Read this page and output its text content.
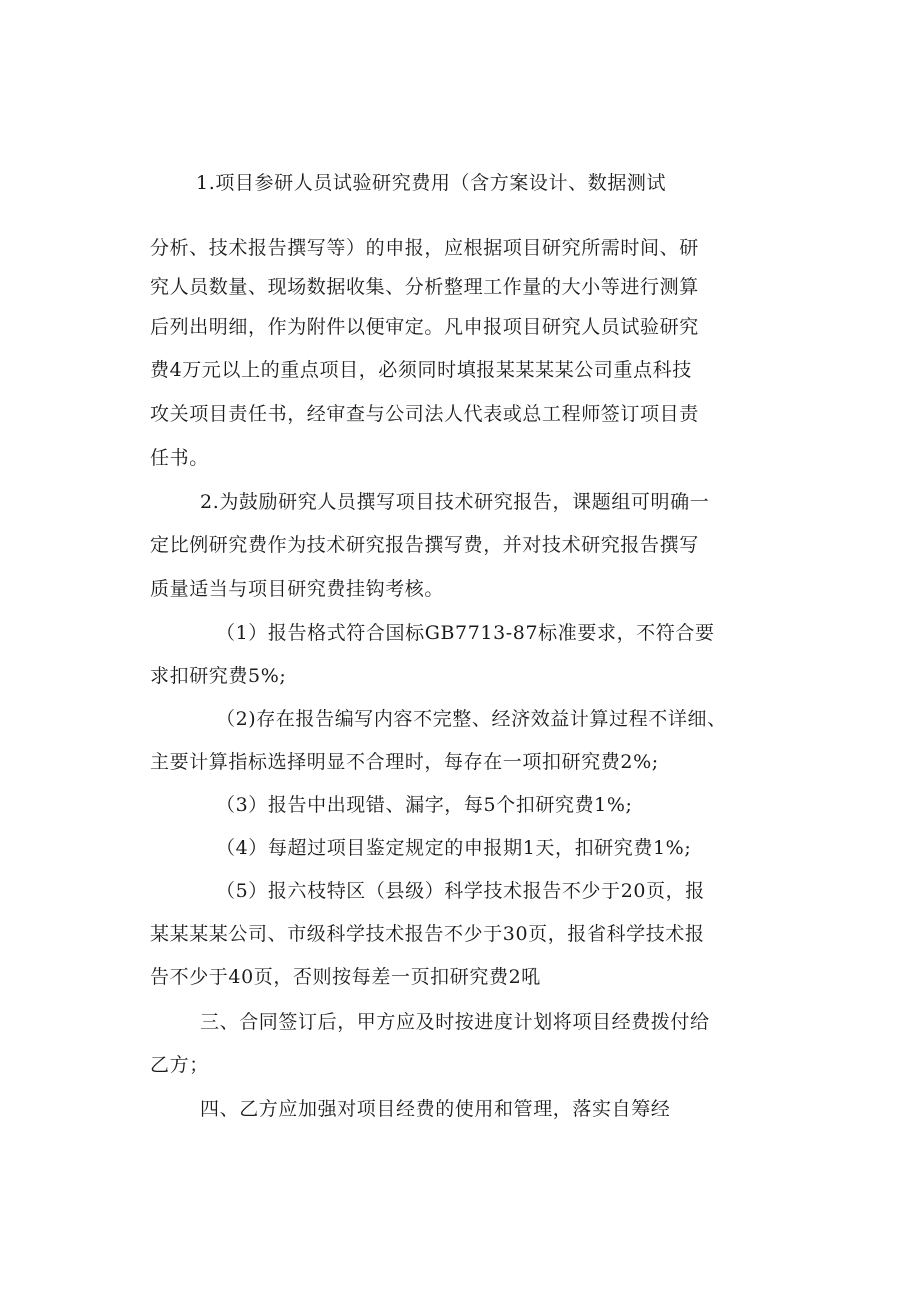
1.项目参研人员试验研究费用（含方案设计、数据测试

分析、技术报告撰写等）的申报，应根据项目研究所需时间、研

究人员数量、现场数据收集、分析整理工作量的大小等进行测算

后列出明细，作为附件以便审定。凡申报项目研究人员试验研究

费4万元以上的重点项目，必须同时填报某某某某公司重点科技

攻关项目责任书，经审查与公司法人代表或总工程师签订项目责

任书。

2.为鼓励研究人员撰写项目技术研究报告，课题组可明确一

定比例研究费作为技术研究报告撰写费，并对技术研究报告撰写

质量适当与项目研究费挂钩考核。

（1）报告格式符合国标GB7713-87标准要求，不符合要

求扣研究费5%;

（2)存在报告编写内容不完整、经济效益计算过程不详细、

主要计算指标选择明显不合理时，每存在一项扣研究费2%;

（3）报告中出现错、漏字，每5个扣研究费1%;

（4）每超过项目鉴定规定的申报期1天，扣研究费1%;

（5）报六枝特区（县级）科学技术报告不少于20页，报

某某某某公司、市级科学技术报告不少于30页，报省科学技术报

告不少于40页，否则按每差一页扣研究费2吼

三、合同签订后，甲方应及时按进度计划将项目经费拨付给

乙方；

四、乙方应加强对项目经费的使用和管理，落实自筹经
